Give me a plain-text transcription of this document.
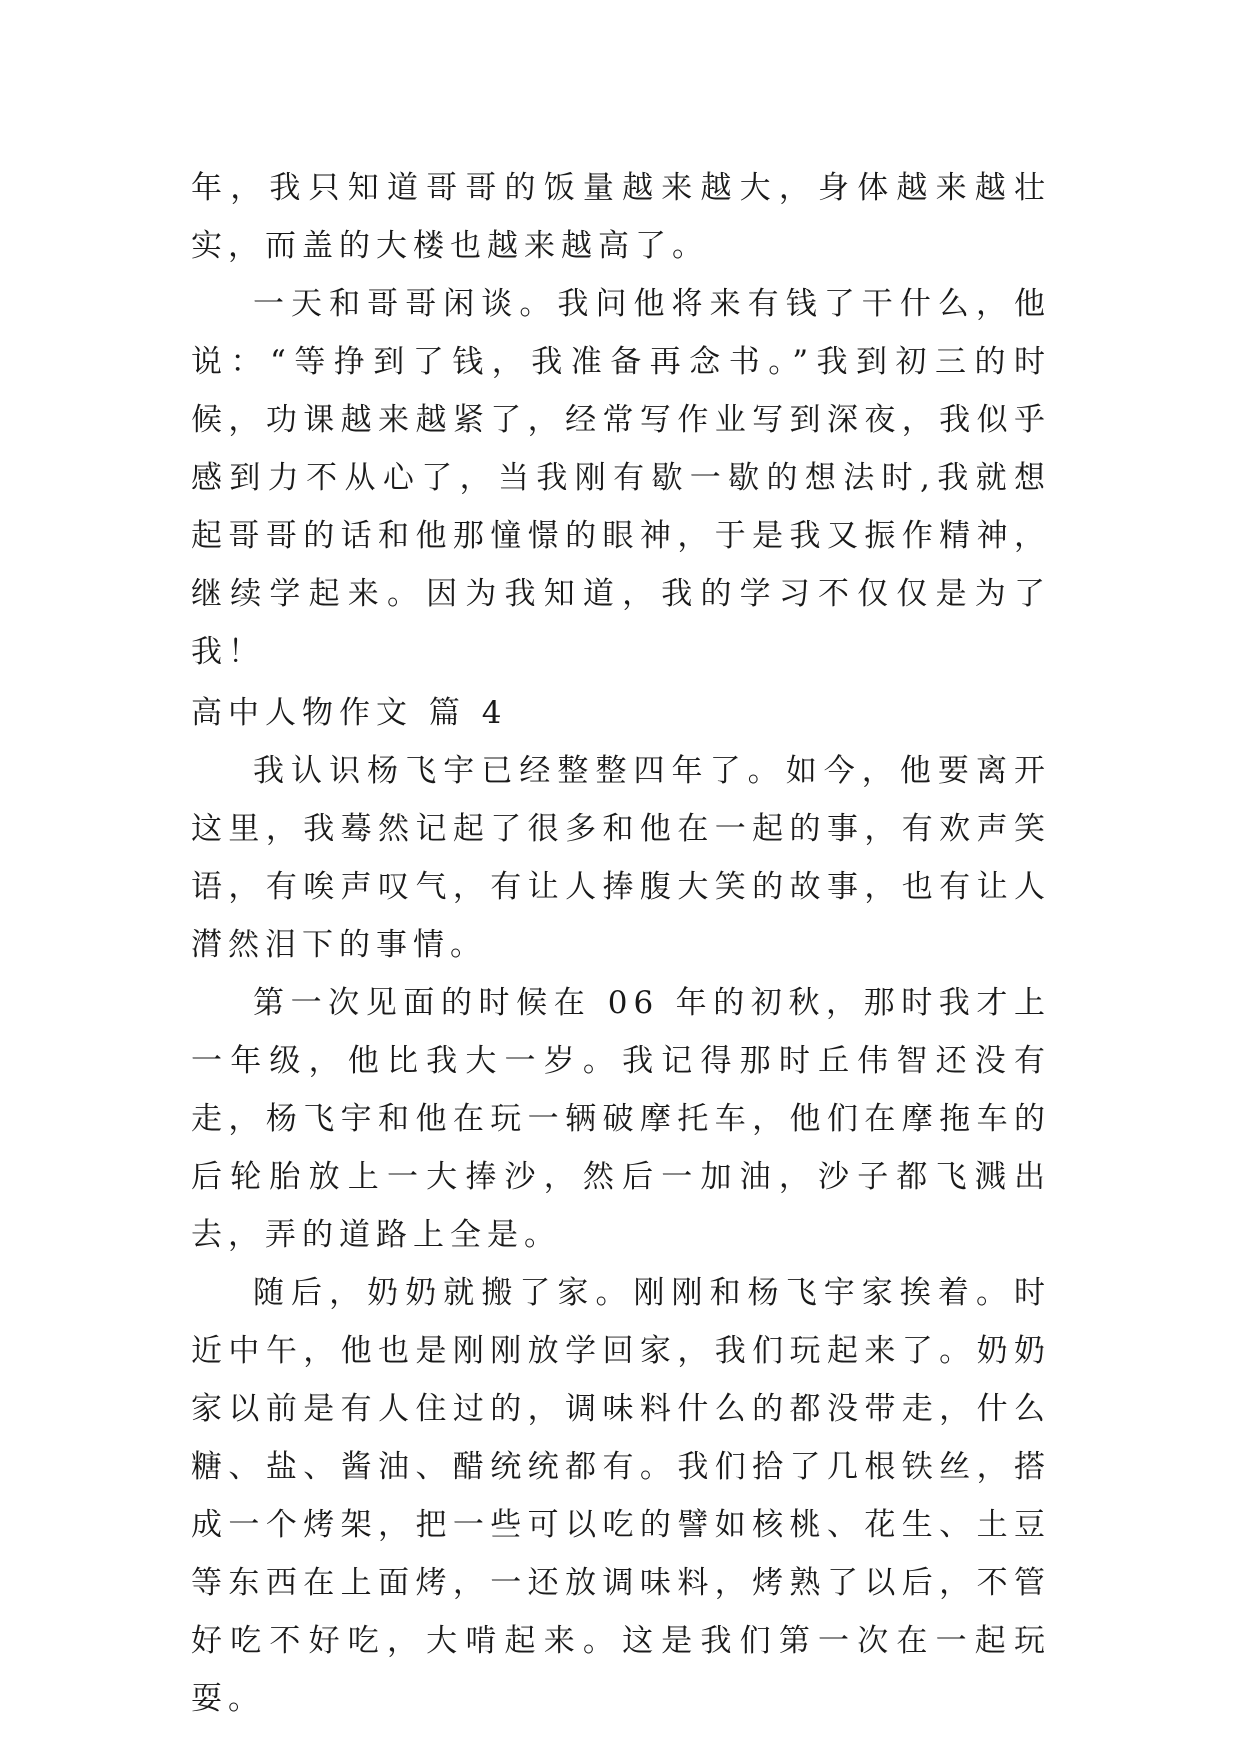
年，我只知道哥哥的饭量越来越大，身体越来越壮实，而盖的大楼也越来越高了。

一天和哥哥闲谈。我问他将来有钱了干什么，他说：“等挣到了钱，我准备再念书。”我到初三的时候，功课越来越紧了，经常写作业写到深夜，我似乎感到力不从心了，当我刚有歇一歇的想法时,我就想起哥哥的话和他那憧憬的眼神，于是我又振作精神，继续学起来。因为我知道，我的学习不仅仅是为了我！

高中人物作文 篇 4

我认识杨飞宇已经整整四年了。如今，他要离开这里，我蓦然记起了很多和他在一起的事，有欢声笑语，有唉声叹气，有让人捧腹大笑的故事，也有让人潸然泪下的事情。

第一次见面的时候在 06 年的初秋，那时我才上一年级，他比我大一岁。我记得那时丘伟智还没有走，杨飞宇和他在玩一辆破摩托车，他们在摩拖车的后轮胎放上一大捧沙，然后一加油，沙子都飞溅出去，弄的道路上全是。

随后，奶奶就搬了家。刚刚和杨飞宇家挨着。时近中午，他也是刚刚放学回家，我们玩起来了。奶奶家以前是有人住过的，调味料什么的都没带走，什么糖、盐、酱油、醋统统都有。我们拾了几根铁丝，搭成一个烤架，把一些可以吃的譬如核桃、花生、土豆等东西在上面烤，一还放调味料，烤熟了以后，不管好吃不好吃，大啃起来。这是我们第一次在一起玩耍。
